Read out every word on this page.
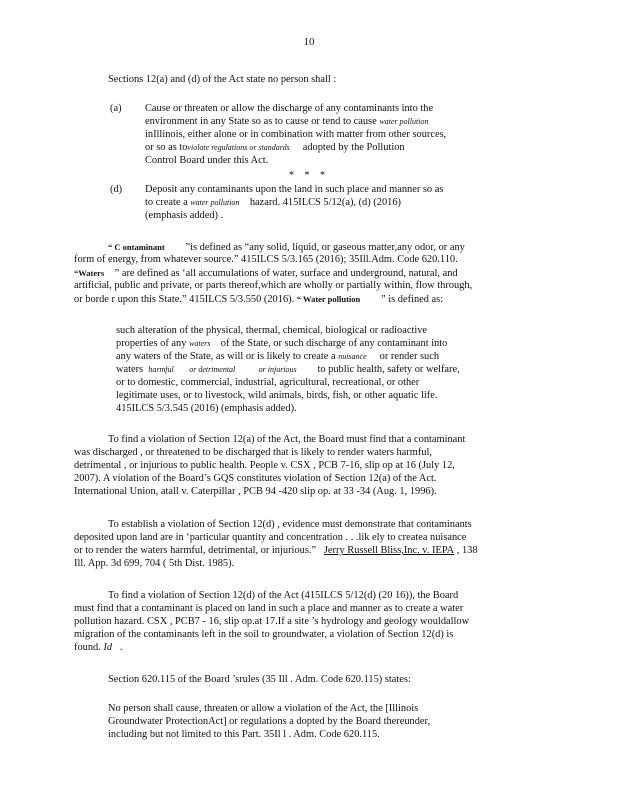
10
Sections 12(a) and (d) of the Act state no person shall :
(a) Cause or threaten or allow the discharge of any contaminants into the
environment in any State so as to cause or tend to cause water pollution
inIllinois, either alone or in combination with matter from other sources,
or so as toviolate regulations or standards adopted by the Pollution
Control Board under this Act.
* * *
(d) Deposit any contaminants upon the land in such place and manner so as
to create a water pollution hazard. 415ILCS 5/12(a), (d) (2016)
(emphasis added) .
“ C ontaminant        ”is defined as “any solid, liquid, or gaseous matter,any odor, or any
form of energy, from whatever source.” 415ILCS 5/3.165 (2016); 35Ill.Adm. Code 620.110.
“Waters    ” are defined as ‘all accumulations of water, surface and underground, natural, and
artificial, public and private, or parts thereof,which are wholly or partially within, flow through,
or borde r upon this State.” 415ILCS 5/3.550 (2016). “ Water pollution        ” is defined as:
such alteration of the physical, thermal, chemical, biological or radioactive
properties of any waters of the State, or such discharge of any contaminant into
any waters of the State, as will or is likely to create a nuisance or render such
waters harmful or detrimental	or injurious to public health, safety or welfare,
or to domestic, commercial, industrial, agricultural, recreational, or other
legitimate uses, or to livestock, wild animals, birds, fish, or other aquatic life.
415ILCS 5/3.545 (2016) (emphasis added).
To find a violation of Section 12(a) of the Act, the Board must find that a contaminant
was discharged , or threatened to be discharged that is likely to render waters harmful,
detrimental , or injurious to public health. People v. CSX , PCB 7-16, slip op at 16 (July 12,
2007). A violation of the Board’s GQS constitutes violation of Section 12(a) of the Act.
International Union, atall v. Caterpillar , PCB 94 -420 slip op. at 33 -34 (Aug. 1, 1996).
To establish a violation of Section 12(d) , evidence must demonstrate that contaminants
deposited upon land are in ‘particular quantity and concentration . . .lik ely to createa nuisance
or to render the waters harmful, detrimental, or injurious.” Jerry Russell Bliss,Inc. v. IEPA , 138
Ill. App. 3d 699, 704 ( 5th Dist. 1985).
To find a violation of Section 12(d) of the Act (415ILCS 5/12(d) (20 16)), the Board
must find that a contaminant is placed on land in such a place and manner as to create a water
pollution hazard. CSX , PCB7 - 16, slip op.at 17.If a site ’s hydrology and geology wouldallow
migration of the contaminants left in the soil to groundwater, a violation of Section 12(d) is
found. Id .
Section 620.115 of the Board ’srules (35 Ill . Adm. Code 620.115) states:
No person shall cause, threaten or allow a violation of the Act, the [Illinois
Groundwater ProtectionAct] or regulations a dopted by the Board thereunder,
including but not limited to this Part. 35Il l . Adm. Code 620.115.
